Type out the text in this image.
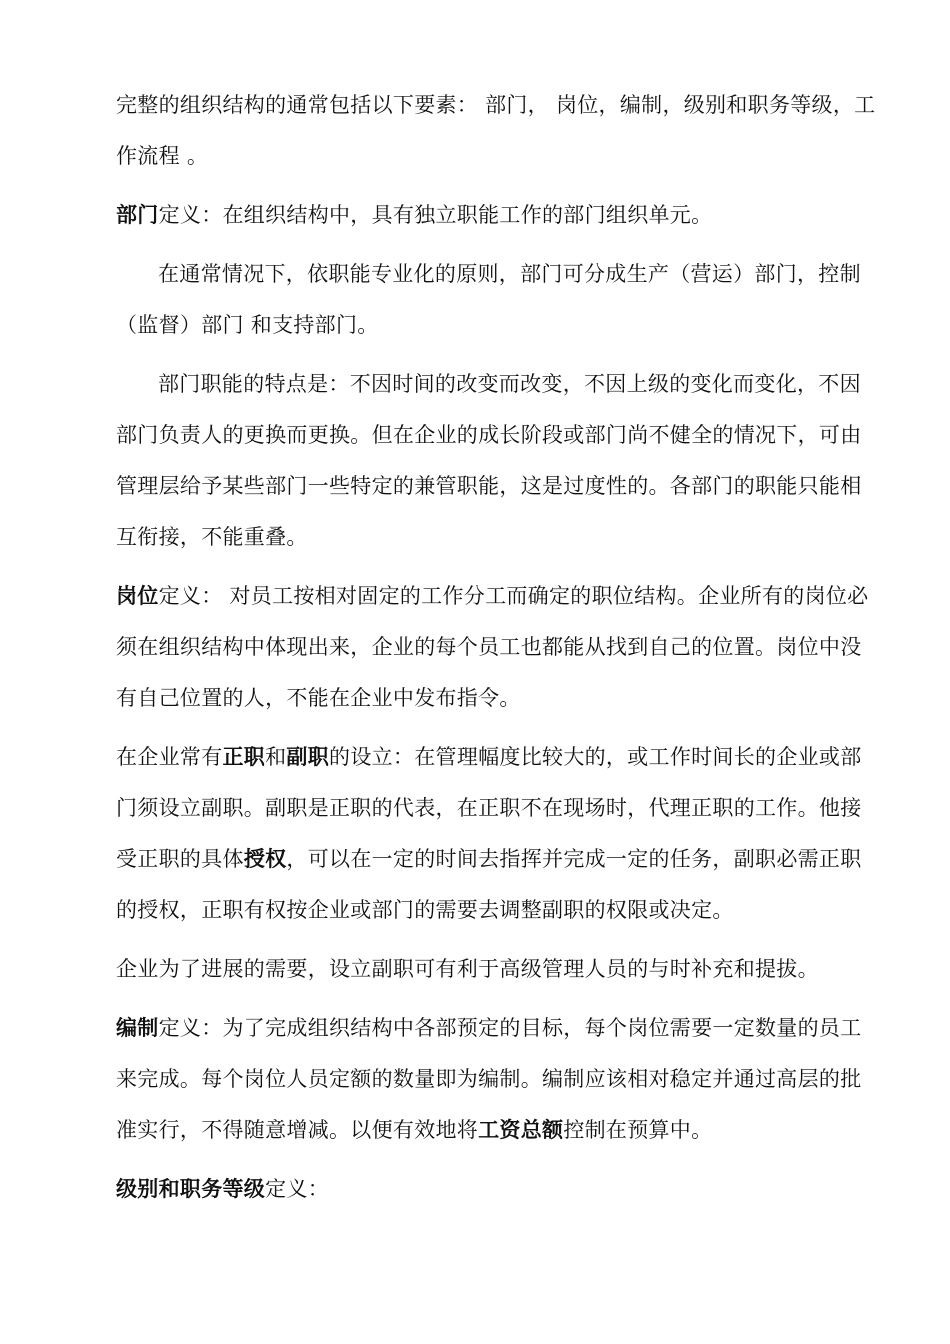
完整的组织结构的通常包括以下要素： 部门， 岗位，编制，级别和职务等级，工作流程 。

部门定义：在组织结构中，具有独立职能工作的部门组织单元。

在通常情况下，依职能专业化的原则，部门可分成生产（营运）部门，控制（监督）部门 和支持部门。

部门职能的特点是：不因时间的改变而改变，不因上级的变化而变化，不因部门负责人的更换而更换。但在企业的成长阶段或部门尚不健全的情况下，可由管理层给予某些部门一些特定的兼管职能，这是过度性的。各部门的职能只能相互衔接，不能重叠。

岗位定义： 对员工按相对固定的工作分工而确定的职位结构。企业所有的岗位必须在组织结构中体现出来，企业的每个员工也都能从找到自己的位置。岗位中没有自己位置的人，不能在企业中发布指令。

在企业常有正职和副职的设立：在管理幅度比较大的，或工作时间长的企业或部门须设立副职。副职是正职的代表，在正职不在现场时，代理正职的工作。他接受正职的具体授权，可以在一定的时间去指挥并完成一定的任务，副职必需正职的授权，正职有权按企业或部门的需要去调整副职的权限或决定。

企业为了进展的需要，设立副职可有利于高级管理人员的与时补充和提拔。

编制定义：为了完成组织结构中各部预定的目标，每个岗位需要一定数量的员工来完成。每个岗位人员定额的数量即为编制。编制应该相对稳定并通过高层的批准实行，不得随意增减。以便有效地将工资总额控制在预算中。

级别和职务等级定义：
